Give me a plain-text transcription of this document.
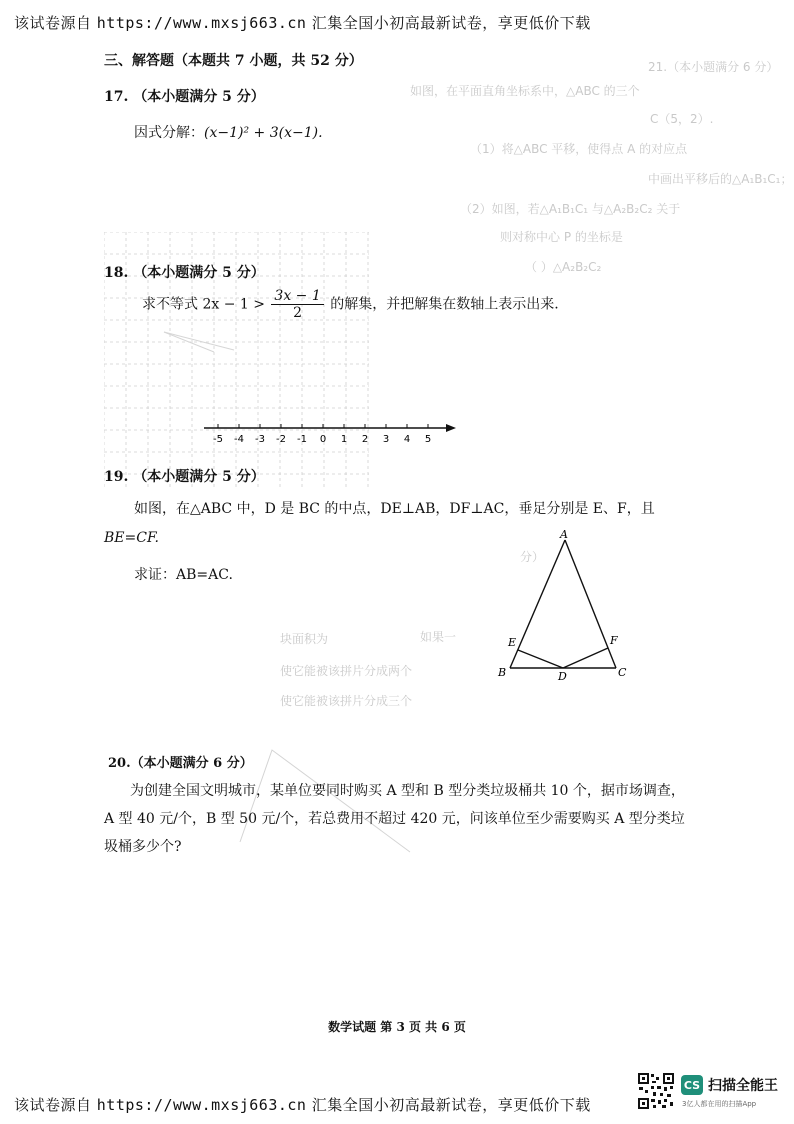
该试卷源自 https://www.mxsj663.cn 汇集全国小初高最新试卷，享更低价下载
21.（本小题满分 6 分）
如图，在平面直角坐标系中，△ABC 的三个
C（5，2）.
（1）将△ABC 平移，使得点 A 的对应点
中画出平移后的△A₁B₁C₁；
（2）如图，若△A₁B₁C₁ 与△A₂B₂C₂ 关于
则对称中心 P 的坐标是
（ ）△A₂B₂C₂
分）
如果一
块面积为
使它能被该拼片分成两个
使它能被该拼片分成三个
三、解答题（本题共 7 小题，共 52 分）
17. （本小题满分 5 分）
因式分解：(x−1)² + 3(x−1).
18. （本小题满分 5 分）
求不等式 $2x - 1 > \frac{3x - 1}{2}$ 的解集，并把解集在数轴上表示出来.
-5 -4 -3 -2 -1 0 1 2 3 4 5
19. （本小题满分 5 分）
如图，在△ABC 中，D 是 BC 的中点，DE⊥AB，DF⊥AC，垂足分别是 E、F，且
BE=CF.
求证：AB=AC.
A
B	C
D
E	F
20.（本小题满分 6 分）
为创建全国文明城市，某单位要同时购买 A 型和 B 型分类垃圾桶共 10 个，据市场调查，
A 型 40 元/个，B 型 50 元/个，若总费用不超过 420 元，问该单位至少需要购买 A 型分类垃
圾桶多少个?
数学试题 第 3 页 共 6 页
CS 扫描全能王
3亿人都在用的扫描App
该试卷源自 https://www.mxsj663.cn 汇集全国小初高最新试卷，享更低价下载
